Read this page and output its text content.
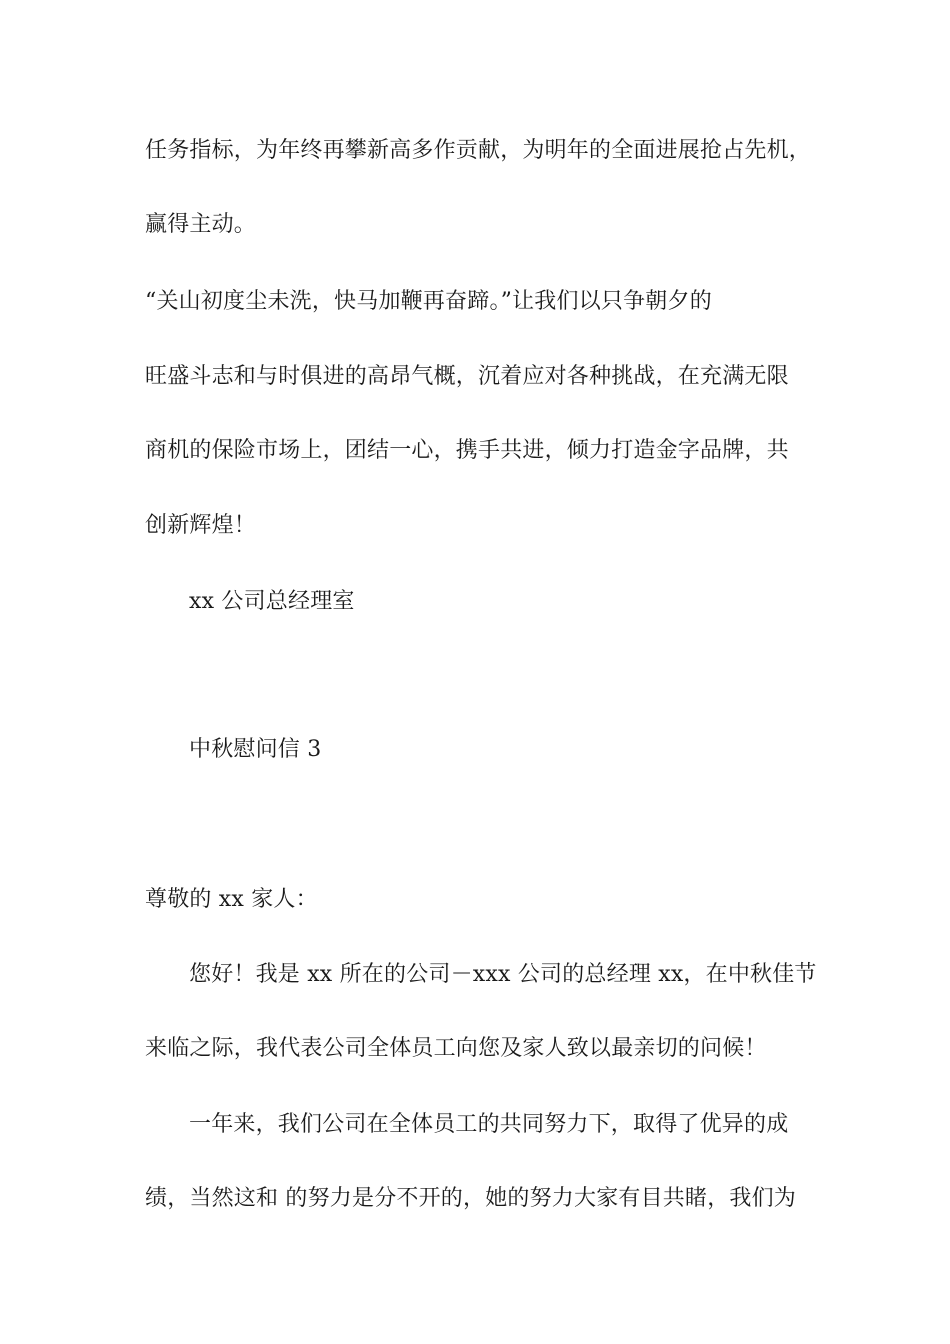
任务指标，为年终再攀新高多作贡献，为明年的全面进展抢占先机，
赢得主动。
“关山初度尘未洗，快马加鞭再奋蹄。”让我们以只争朝夕的
旺盛斗志和与时俱进的高昂气概，沉着应对各种挑战，在充满无限
商机的保险市场上，团结一心，携手共进，倾力打造金字品牌，共
创新辉煌！
xx 公司总经理室
中秋慰问信 3
尊敬的 xx 家人：
您好！我是 xx 所在的公司－xxx 公司的总经理 xx，在中秋佳节
来临之际，我代表公司全体员工向您及家人致以最亲切的问候！
一年来，我们公司在全体员工的共同努力下，取得了优异的成
绩，当然这和 的努力是分不开的，她的努力大家有目共睹，我们为
